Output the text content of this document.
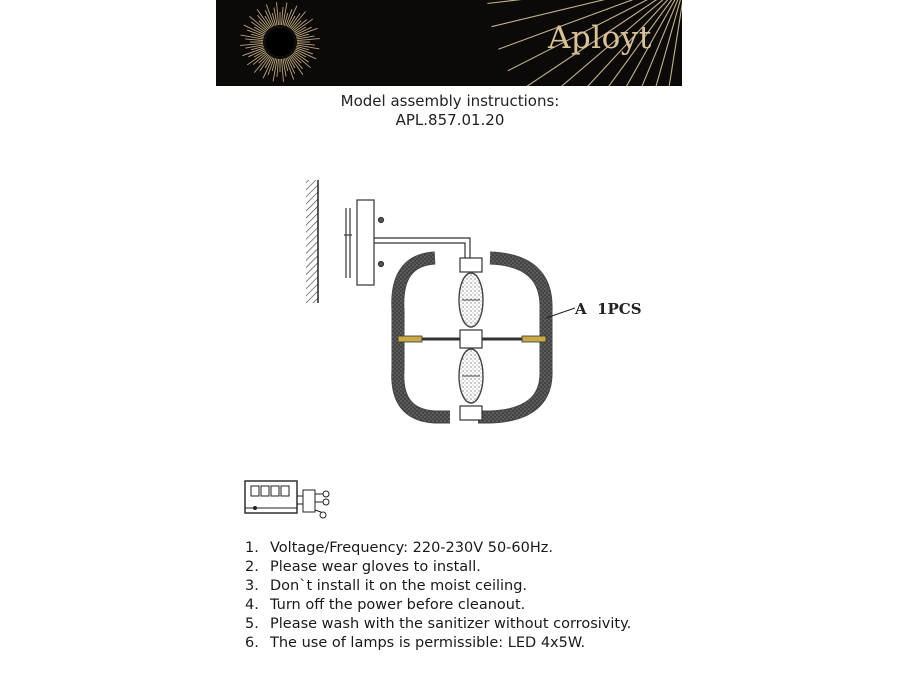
Aployt
Model assembly instructions:
APL.857.01.20
A 1PCS
1. Voltage/Frequency: 220-230V 50-60Hz.
2. Please wear gloves to install.
3. Don`t install it on the moist ceiling.
4. Turn off the power before cleanout.
5. Please wash with the sanitizer without corrosivity.
6. The use of lamps is permissible: LED 4x5W.
